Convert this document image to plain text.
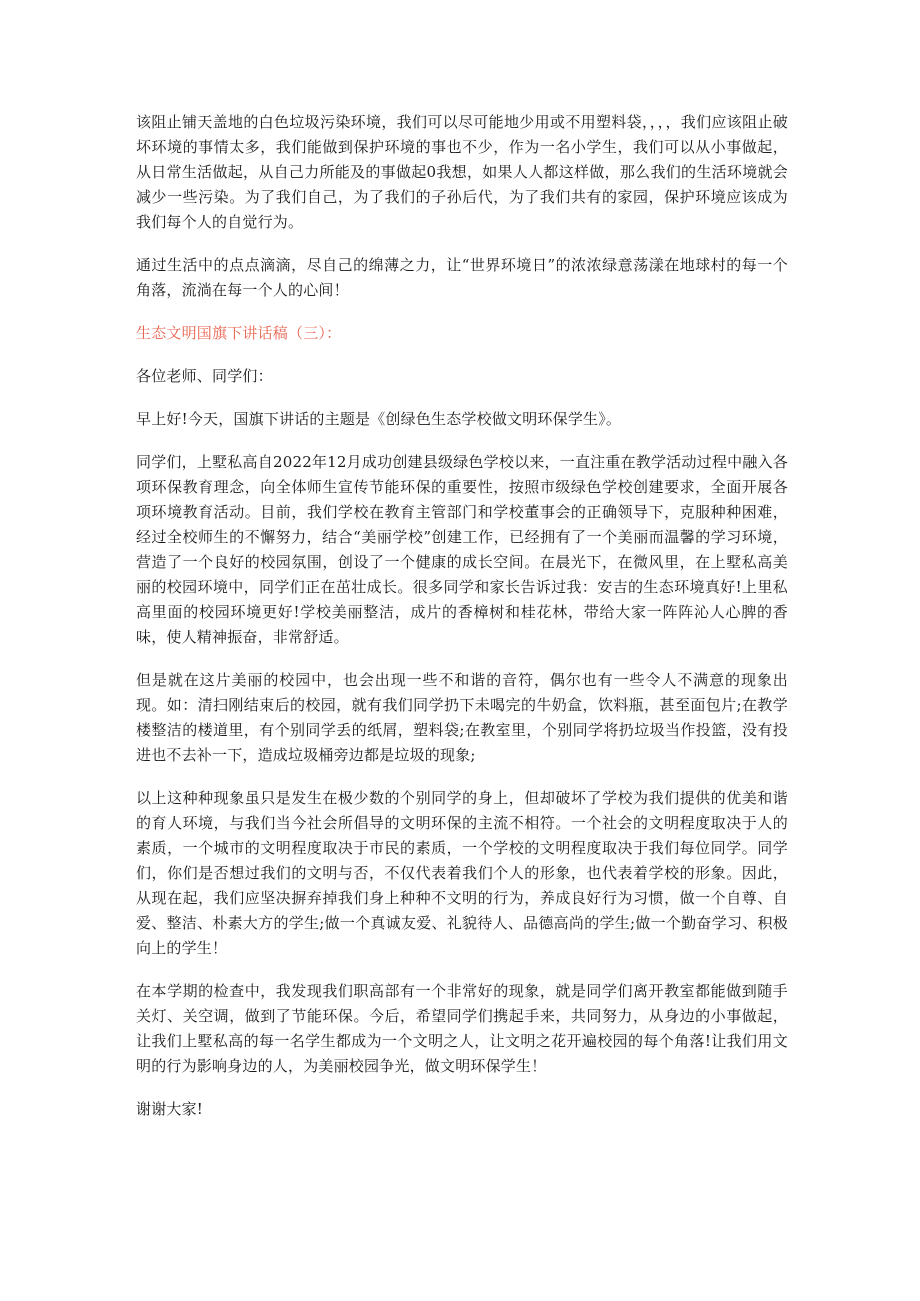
该阻止铺天盖地的白色垃圾污染环境，我们可以尽可能地少用或不用塑料袋，，，，我们应该阻止破坏环境的事情太多，我们能做到保护环境的事也不少，作为一名小学生，我们可以从小事做起，从日常生活做起，从自己力所能及的事做起0我想，如果人人都这样做，那么我们的生活环境就会减少一些污染。为了我们自己，为了我们的子孙后代，为了我们共有的家园，保护环境应该成为我们每个人的自觉行为。

通过生活中的点点滴滴，尽自己的绵薄之力，让“世界环境日”的浓浓绿意荡漾在地球村的每一个角落，流淌在每一个人的心间！

生态文明国旗下讲话稿（三）：

各位老师、同学们：

早上好!今天，国旗下讲话的主题是《创绿色生态学校做文明环保学生》。

同学们，上墅私高自2022年12月成功创建县级绿色学校以来，一直注重在教学活动过程中融入各项环保教育理念，向全体师生宣传节能环保的重要性，按照市级绿色学校创建要求，全面开展各项环境教育活动。目前，我们学校在教育主管部门和学校董事会的正确领导下，克服种种困难，经过全校师生的不懈努力，结合“美丽学校”创建工作，已经拥有了一个美丽而温馨的学习环境，营造了一个良好的校园氛围，创设了一个健康的成长空间。在晨光下，在微风里，在上墅私高美丽的校园环境中，同学们正在茁壮成长。很多同学和家长告诉过我：安吉的生态环境真好!上里私高里面的校园环境更好!学校美丽整洁，成片的香樟树和桂花林，带给大家一阵阵沁人心脾的香味，使人精神振奋，非常舒适。

但是就在这片美丽的校园中，也会出现一些不和谐的音符，偶尔也有一些令人不满意的现象出现。如：清扫刚结束后的校园，就有我们同学扔下未喝完的牛奶盒，饮料瓶，甚至面包片;在教学楼整洁的楼道里，有个别同学丢的纸屑，塑料袋;在教室里，个别同学将扔垃圾当作投篮，没有投进也不去补一下，造成垃圾桶旁边都是垃圾的现象;

以上这种种现象虽只是发生在极少数的个别同学的身上，但却破坏了学校为我们提供的优美和谐的育人环境，与我们当今社会所倡导的文明环保的主流不相符。一个社会的文明程度取决于人的素质，一个城市的文明程度取决于市民的素质，一个学校的文明程度取决于我们每位同学。同学们，你们是否想过我们的文明与否，不仅代表着我们个人的形象，也代表着学校的形象。因此，从现在起，我们应坚决摒弃掉我们身上种种不文明的行为，养成良好行为习惯，做一个自尊、自爱、整洁、朴素大方的学生;做一个真诚友爱、礼貌待人、品德高尚的学生;做一个勤奋学习、积极向上的学生！

在本学期的检查中，我发现我们职高部有一个非常好的现象，就是同学们离开教室都能做到随手关灯、关空调，做到了节能环保。今后，希望同学们携起手来，共同努力，从身边的小事做起，让我们上墅私高的每一名学生都成为一个文明之人，让文明之花开遍校园的每个角落!让我们用文明的行为影响身边的人，为美丽校园争光，做文明环保学生！

谢谢大家!
